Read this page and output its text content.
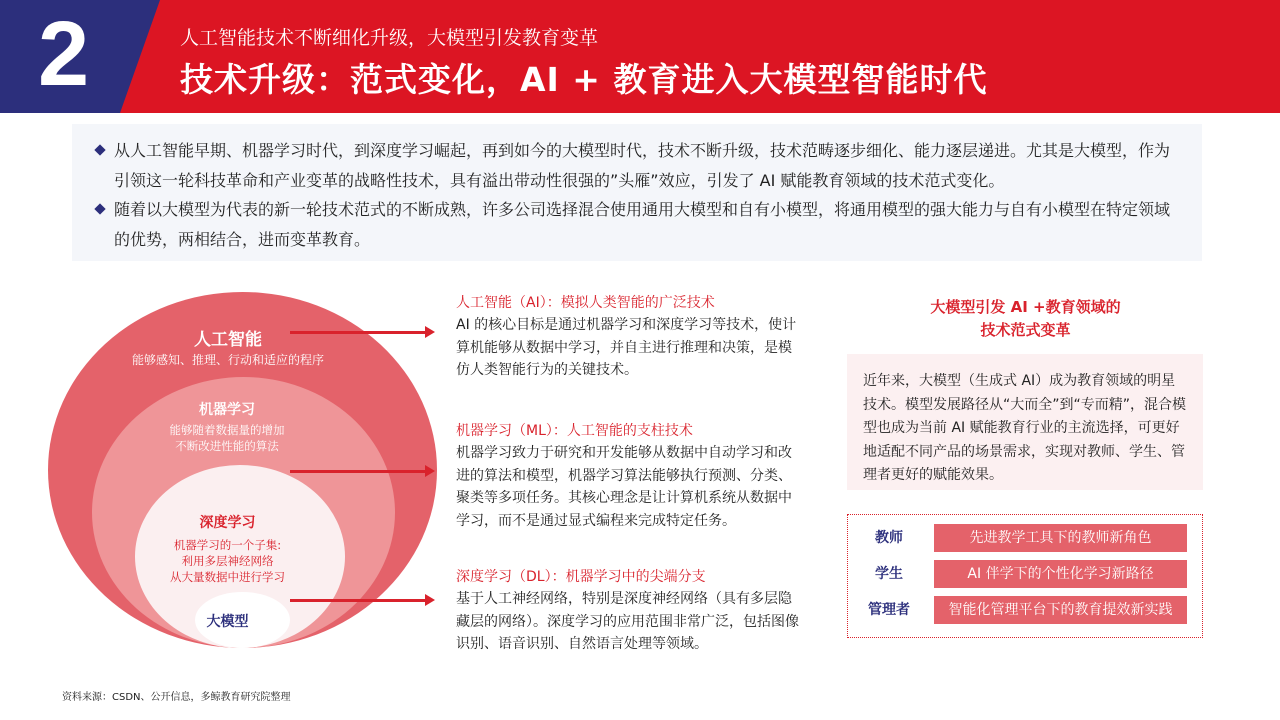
2	人工智能技术不断细化升级，大模型引发教育变革
技术升级：范式变化，AI + 教育进入大模型智能时代
从人工智能早期、机器学习时代，到深度学习崛起，再到如今的大模型时代，技术不断升级，技术范畴逐步细化、能力逐层递进。尤其是大模型，作为引领这一轮科技革命和产业变革的战略性技术，具有溢出带动性很强的”头雁”效应，引发了 AI 赋能教育领域的技术范式变化。
随着以大模型为代表的新一轮技术范式的不断成熟，许多公司选择混合使用通用大模型和自有小模型，将通用模型的强大能力与自有小模型在特定领域的优势，两相结合，进而变革教育。
人工智能
能够感知、推理、行动和适应的程序
机器学习
能够随着数据量的增加
不断改进性能的算法
深度学习
机器学习的一个子集:
利用多层神经网络
从大量数据中进行学习
大模型
人工智能（AI）：模拟人类智能的广泛技术
AI 的核心目标是通过机器学习和深度学习等技术，使计算机能够从数据中学习，并自主进行推理和决策，是模仿人类智能行为的关键技术。
机器学习（ML）：人工智能的支柱技术
机器学习致力于研究和开发能够从数据中自动学习和改进的算法和模型，机器学习算法能够执行预测、分类、聚类等多项任务。其核心理念是让计算机系统从数据中学习，而不是通过显式编程来完成特定任务。
深度学习（DL）：机器学习中的尖端分支
基于人工神经网络，特别是深度神经网络（具有多层隐藏层的网络）。深度学习的应用范围非常广泛，包括图像识别、语音识别、自然语言处理等领域。
大模型引发 AI +教育领域的
技术范式变革
近年来，大模型（生成式 AI）成为教育领域的明星技术。模型发展路径从“大而全”到“专而精”，混合模型也成为当前 AI 赋能教育行业的主流选择，可更好地适配不同产品的场景需求，实现对教师、学生、管理者更好的赋能效果。
教师	先进教学工具下的教师新角色
学生	AI 伴学下的个性化学习新路径
管理者	智能化管理平台下的教育提效新实践
资料来源：CSDN、公开信息，多鲸教育研究院整理
